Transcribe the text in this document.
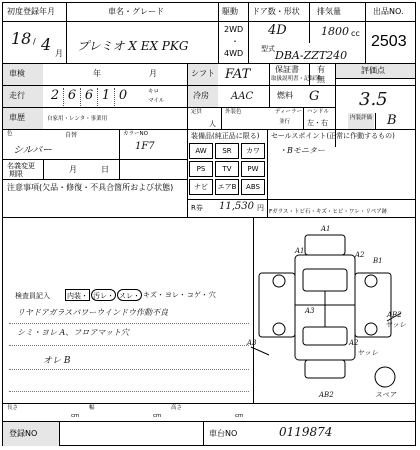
初度登録年月	車名・グレード	駆動 ドア数・形状 排気量	出品NO.
18 / 4 月
プレミオ X EX PKG
2WD
・
4WD
4D	1800 cc
型式 DBA-ZZT240
2503
車検	年	月	シフト FAT	保証書
取扱説明書・記録簿
有
無
評価点
3.5
走行 2 6 6 1 0	キロ
マイル
冷房 AAC	燃料 G
車歴	自家用・レンタ・事業用
定員
人
外装色	ディーラー
並行
ハンドル
左・右
内装評価 B
色	自替	カラーNO
シルバー	1F7
名義変更
期限	月	日
装備品(純正品に限る)
AW	SR	カワ
PS	TV	PW
ナビ	エアB	ABS
R券 11,530 円
セールスポイント(正常に作動するもの)
・Bモニター
Fガラス・トビ石・キズ・ヒビ・ワレ・リペア跡
注意事項(欠品・修復・不具合箇所および状態)
検査員記入 内装・ 汚レ・ スレ・ キズ・ ヨレ・ コゲ・ 穴
リヤドアガラスパワーウインドウ作動不良
シミ・ヨレ A、フロアマット穴
オレ B
A1
A1	A2
B1
A3
A3	AB2
ヤッレ
A2
ヤッレ
AB2	スペア
長さ
cm
幅
cm
高さ
cm
登録NO	車台NO	0119874
